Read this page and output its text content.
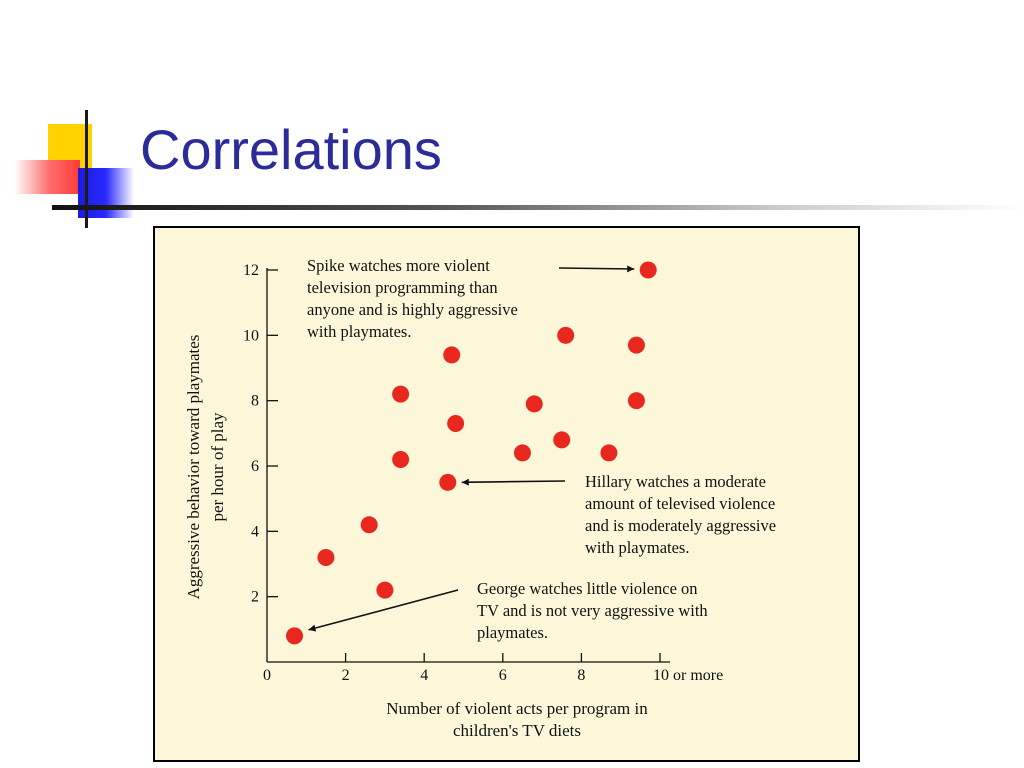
Correlations
2
4
6
8
10
12
0	2	4	6	8	10 or more
Spike watches more violent
television programming than
anyone and is highly aggressive
with playmates.
Hillary watches a moderate
amount of televised violence
and is moderately aggressive
with playmates.
George watches little violence on
TV and is not very aggressive with
playmates.
Number of violent acts per program in
children's TV diets
Aggressive behavior toward playmates per hour of play
